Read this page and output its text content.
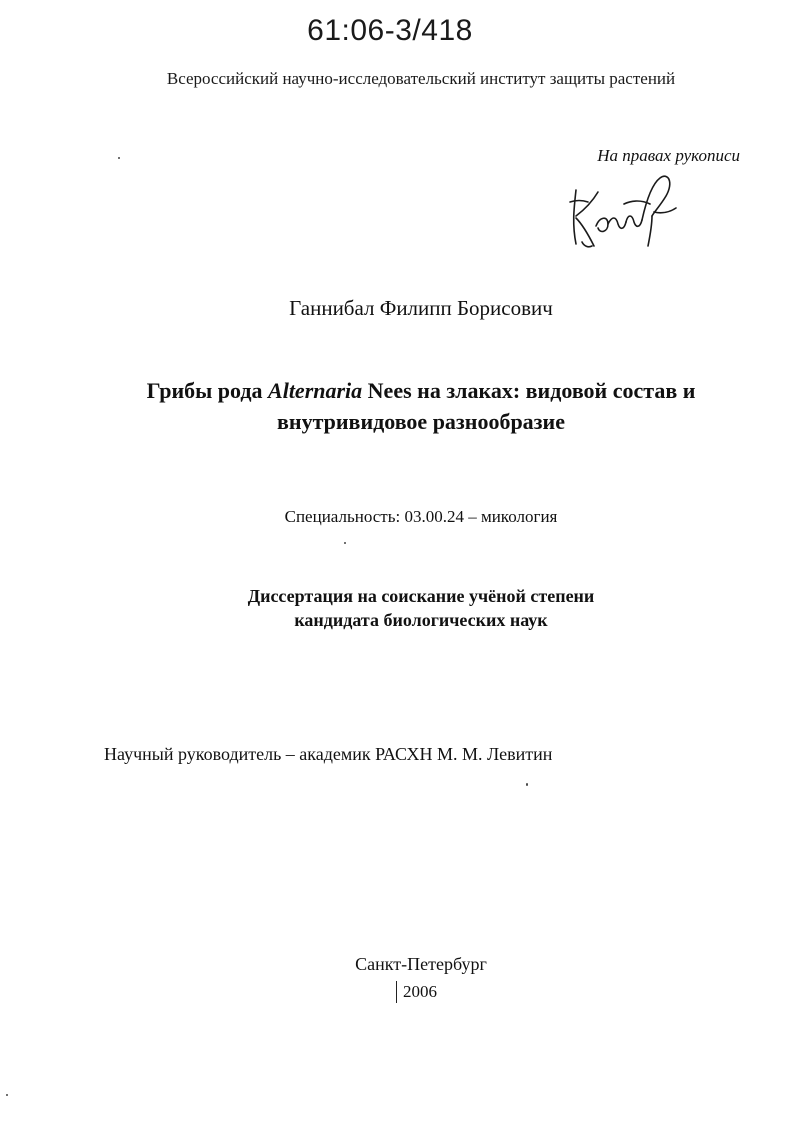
61:06-3/418
Всероссийский научно-исследовательский институт защиты растений
На правах рукописи
Ганнибал Филипп Борисович
Грибы рода Alternaria Nees на злаках: видовой состав и
внутривидовое разнообразие
Специальность: 03.00.24 – микология
Диссертация на соискание учёной степени
кандидата биологических наук
Научный руководитель – академик РАСХН М. М. Левитин
Санкт-Петербург
2006
